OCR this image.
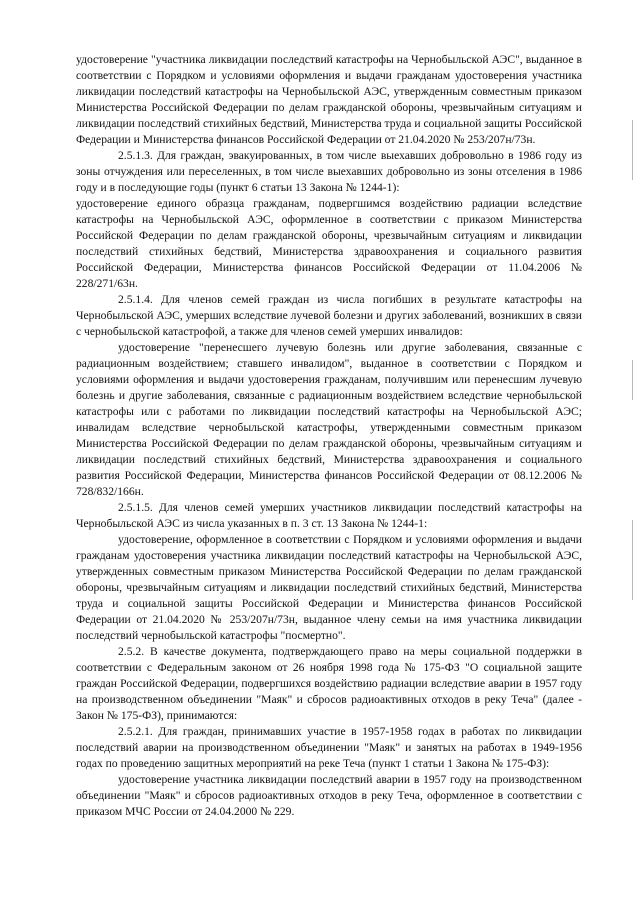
удостоверение "участника ликвидации последствий катастрофы на Чернобыльской АЭС", выданное в соответствии с Порядком и условиями оформления и выдачи гражданам удостоверения участника ликвидации последствий катастрофы на Чернобыльской АЭС, утвержденным совместным приказом Министерства Российской Федерации по делам гражданской обороны, чрезвычайным ситуациям и ликвидации последствий стихийных бедствий, Министерства труда и социальной защиты Российской Федерации и Министерства финансов Российской Федерации от 21.04.2020 № 253/207н/73н.

2.5.1.3. Для граждан, эвакуированных, в том числе выехавших добровольно в 1986 году из зоны отчуждения или переселенных, в том числе выехавших добровольно из зоны отселения в 1986 году и в последующие годы (пункт 6 статьи 13 Закона № 1244-1):

удостоверение единого образца гражданам, подвергшимся воздействию радиации вследствие катастрофы на Чернобыльской АЭС, оформленное в соответствии с приказом Министерства Российской Федерации по делам гражданской обороны, чрезвычайным ситуациям и ликвидации последствий стихийных бедствий, Министерства здравоохранения и социального развития Российской Федерации, Министерства финансов Российской Федерации от 11.04.2006 № 228/271/63н.

2.5.1.4. Для членов семей граждан из числа погибших в результате катастрофы на Чернобыльской АЭС, умерших вследствие лучевой болезни и других заболеваний, возникших в связи с чернобыльской катастрофой, а также для членов семей умерших инвалидов:

удостоверение "перенесшего лучевую болезнь или другие заболевания, связанные с радиационным воздействием; ставшего инвалидом", выданное в соответствии с Порядком и условиями оформления и выдачи удостоверения гражданам, получившим или перенесшим лучевую болезнь и другие заболевания, связанные с радиационным воздействием вследствие чернобыльской катастрофы или с работами по ликвидации последствий катастрофы на Чернобыльской АЭС; инвалидам вследствие чернобыльской катастрофы, утвержденными совместным приказом Министерства Российской Федерации по делам гражданской обороны, чрезвычайным ситуациям и ликвидации последствий стихийных бедствий, Министерства здравоохранения и социального развития Российской Федерации, Министерства финансов Российской Федерации от 08.12.2006 № 728/832/166н.

2.5.1.5. Для членов семей умерших участников ликвидации последствий катастрофы на Чернобыльской АЭС из числа указанных в п. 3 ст. 13 Закона № 1244-1:

удостоверение, оформленное в соответствии с Порядком и условиями оформления и выдачи гражданам удостоверения участника ликвидации последствий катастрофы на Чернобыльской АЭС, утвержденных совместным приказом Министерства Российской Федерации по делам гражданской обороны, чрезвычайным ситуациям и ликвидации последствий стихийных бедствий, Министерства труда и социальной защиты Российской Федерации и Министерства финансов Российской Федерации от 21.04.2020 № 253/207н/73н, выданное члену семьи на имя участника ликвидации последствий чернобыльской катастрофы "посмертно".

2.5.2. В качестве документа, подтверждающего право на меры социальной поддержки в соответствии с Федеральным законом от 26 ноября 1998 года № 175-ФЗ "О социальной защите граждан Российской Федерации, подвергшихся воздействию радиации вследствие аварии в 1957 году на производственном объединении "Маяк" и сбросов радиоактивных отходов в реку Теча" (далее - Закон № 175-ФЗ), принимаются:

2.5.2.1. Для граждан, принимавших участие в 1957-1958 годах в работах по ликвидации последствий аварии на производственном объединении "Маяк" и занятых на работах в 1949-1956 годах по проведению защитных мероприятий на реке Теча (пункт 1 статьи 1 Закона № 175-ФЗ):

удостоверение участника ликвидации последствий аварии в 1957 году на производственном объединении "Маяк" и сбросов радиоактивных отходов в реку Теча, оформленное в соответствии с приказом МЧС России от 24.04.2000 № 229.
